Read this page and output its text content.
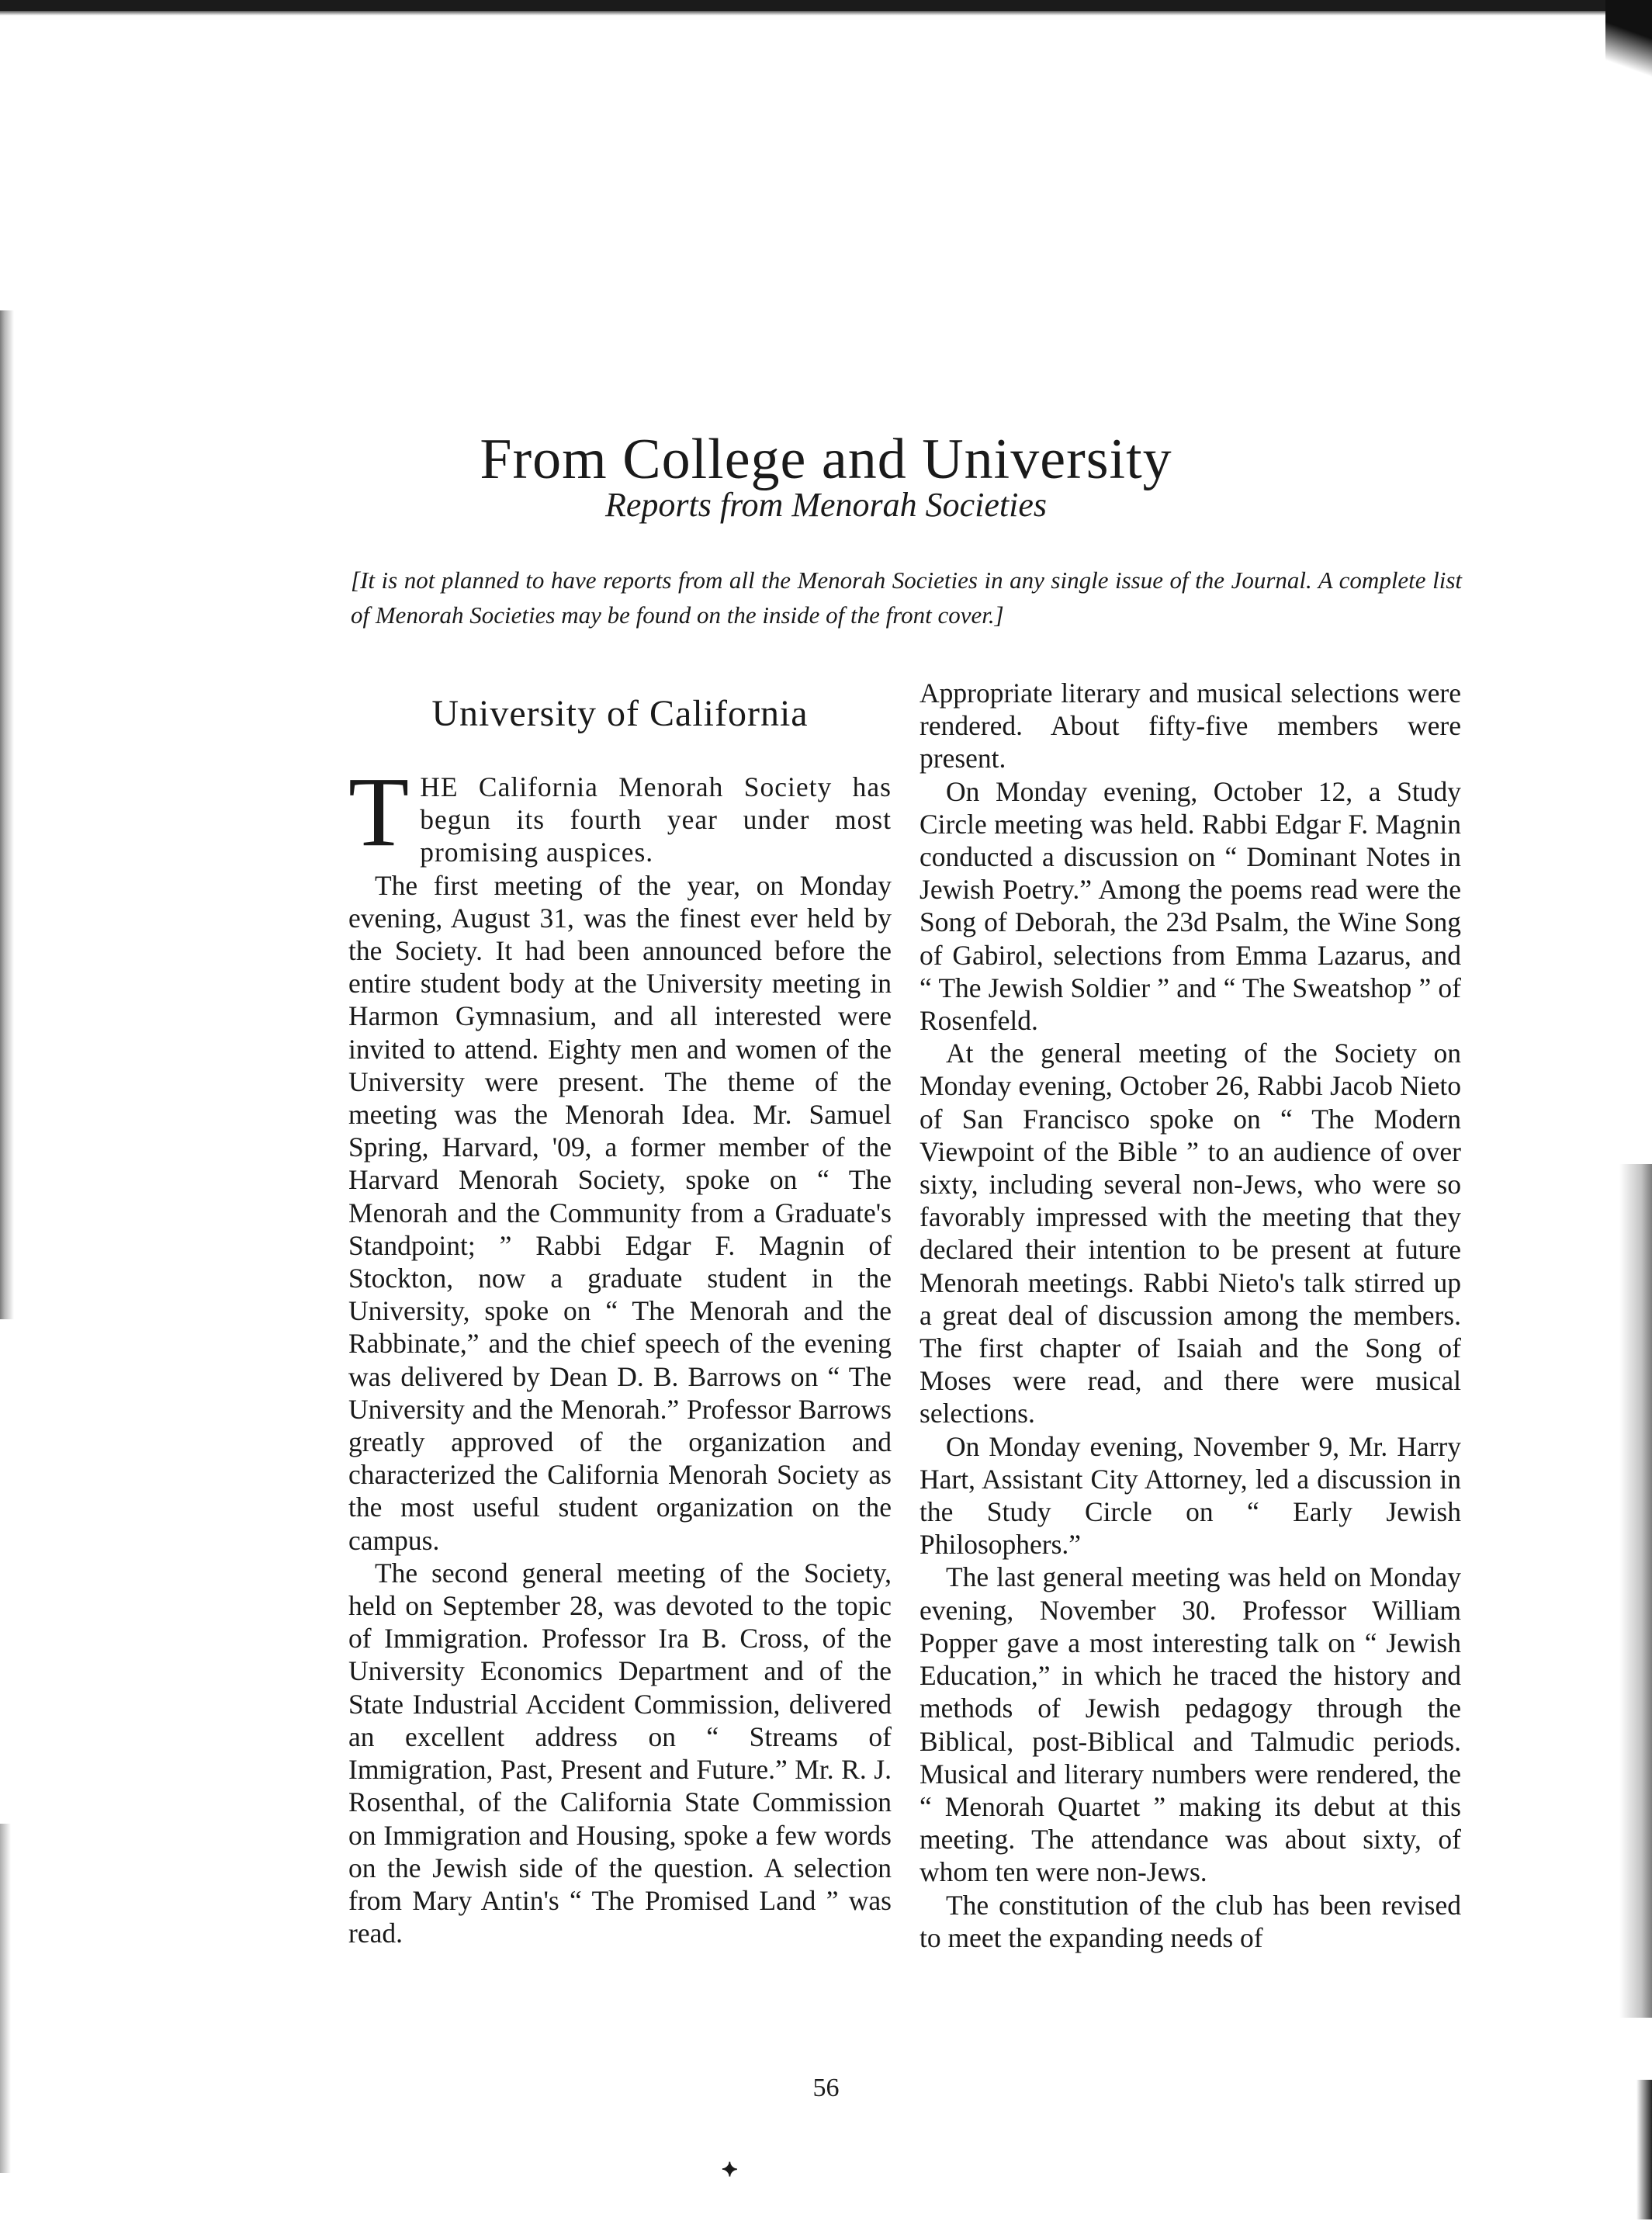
From College and University
Reports from Menorah Societies
[It is not planned to have reports from all the Menorah Societies in any single issue of the Journal. A complete list of Menorah Societies may be found on the inside of the front cover.]
University of California

THE California Menorah Society has begun its fourth year under most promising auspices.

The first meeting of the year, on Monday evening, August 31, was the finest ever held by the Society. It had been announced before the entire student body at the University meeting in Harmon Gymnasium, and all interested were invited to attend. Eighty men and women of the University were present. The theme of the meeting was the Menorah Idea. Mr. Samuel Spring, Harvard, '09, a former member of the Harvard Menorah Society, spoke on “ The Menorah and the Community from a Graduate's Standpoint; ” Rabbi Edgar F. Magnin of Stockton, now a graduate student in the University, spoke on “ The Menorah and the Rabbinate,” and the chief speech of the evening was delivered by Dean D. B. Barrows on “ The University and the Menorah.” Professor Barrows greatly approved of the organization and characterized the California Menorah Society as the most useful student organization on the campus.

The second general meeting of the Society, held on September 28, was devoted to the topic of Immigration. Professor Ira B. Cross, of the University Economics Department and of the State Industrial Accident Commission, delivered an excellent address on “ Streams of Immigration, Past, Present and Future.” Mr. R. J. Rosenthal, of the California State Commission on Immigration and Housing, spoke a few words on the Jewish side of the question. A selection from Mary Antin's “ The Promised Land ” was read.

Appropriate literary and musical selections were rendered. About fifty-five members were present.

On Monday evening, October 12, a Study Circle meeting was held. Rabbi Edgar F. Magnin conducted a discussion on “ Dominant Notes in Jewish Poetry.” Among the poems read were the Song of Deborah, the 23d Psalm, the Wine Song of Gabirol, selections from Emma Lazarus, and “ The Jewish Soldier ” and “ The Sweatshop ” of Rosenfeld.

At the general meeting of the Society on Monday evening, October 26, Rabbi Jacob Nieto of San Francisco spoke on “ The Modern Viewpoint of the Bible ” to an audience of over sixty, including several non-Jews, who were so favorably impressed with the meeting that they declared their intention to be present at future Menorah meetings. Rabbi Nieto's talk stirred up a great deal of discussion among the members. The first chapter of Isaiah and the Song of Moses were read, and there were musical selections.

On Monday evening, November 9, Mr. Harry Hart, Assistant City Attorney, led a discussion in the Study Circle on “ Early Jewish Philosophers.”

The last general meeting was held on Monday evening, November 30. Professor William Popper gave a most interesting talk on “ Jewish Education,” in which he traced the history and methods of Jewish pedagogy through the Biblical, post-Biblical and Talmudic periods. Musical and literary numbers were rendered, the “ Menorah Quartet ” making its debut at this meeting. The attendance was about sixty, of whom ten were non-Jews.

The constitution of the club has been revised to meet the expanding needs of

56
⯌
